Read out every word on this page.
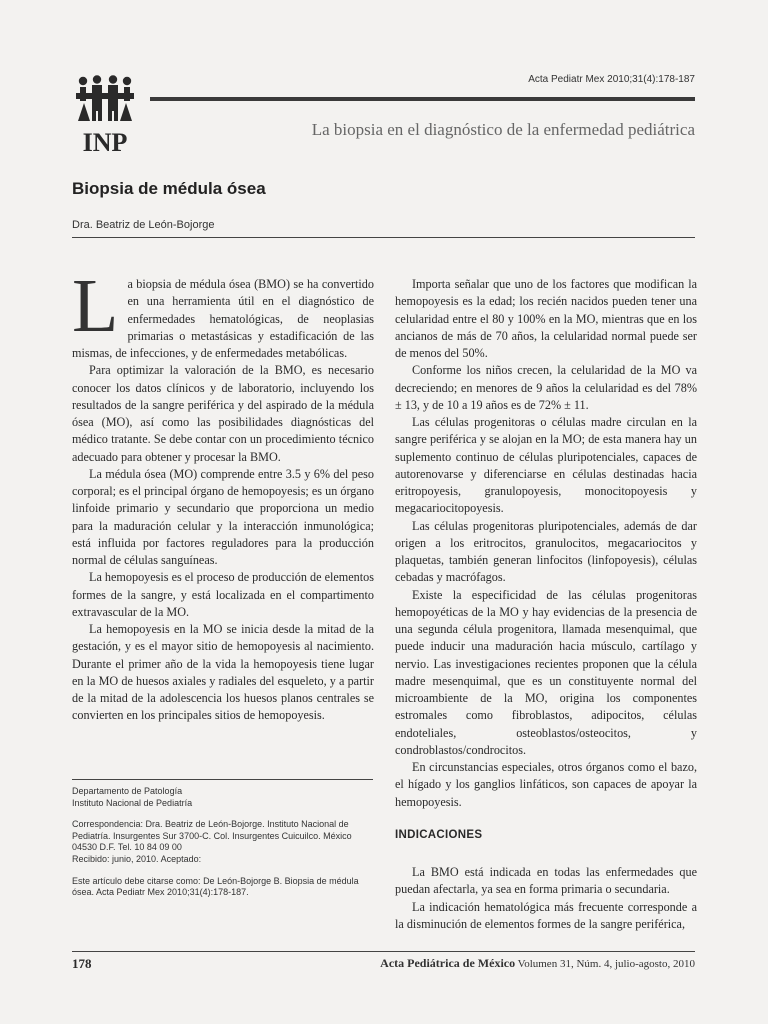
INP
Acta Pediatr Mex 2010;31(4):178-187
La biopsia en el diagnóstico de la enfermedad pediátrica
Biopsia de médula ósea
Dra. Beatriz de León-Bojorge

La biopsia de médula ósea (BMO) se ha convertido en una herramienta útil en el diagnóstico de enfermedades hematológicas, de neoplasias primarias o metastásicas y estadificación de las mismas, de infecciones, y de enfermedades metabólicas.

Para optimizar la valoración de la BMO, es necesario conocer los datos clínicos y de laboratorio, incluyendo los resultados de la sangre periférica y del aspirado de la médula ósea (MO), así como las posibilidades diagnósticas del médico tratante. Se debe contar con un procedimiento técnico adecuado para obtener y procesar la BMO.

La médula ósea (MO) comprende entre 3.5 y 6% del peso corporal; es el principal órgano de hemopoyesis; es un órgano linfoide primario y secundario que proporciona un medio para la maduración celular y la interacción inmunológica; está influida por factores reguladores para la producción normal de células sanguíneas.

La hemopoyesis es el proceso de producción de elementos formes de la sangre, y está localizada en el compartimento extravascular de la MO.

La hemopoyesis en la MO se inicia desde la mitad de la gestación, y es el mayor sitio de hemopoyesis al nacimiento. Durante el primer año de la vida la hemopoyesis tiene lugar en la MO de huesos axiales y radiales del esqueleto, y a partir de la mitad de la adolescencia los huesos planos centrales se convierten en los principales sitios de hemopoyesis.

Departamento de Patología
Instituto Nacional de Pediatría

Correspondencia: Dra. Beatriz de León-Bojorge. Instituto Nacional de Pediatría. Insurgentes Sur 3700-C. Col. Insurgentes Cuicuilco. México 04530 D.F. Tel. 10 84 09 00
Recibido: junio, 2010. Aceptado:

Este artículo debe citarse como: De León-Bojorge B. Biopsia de médula ósea. Acta Pediatr Mex 2010;31(4):178-187.

Importa señalar que uno de los factores que modifican la hemopoyesis es la edad; los recién nacidos pueden tener una celularidad entre el 80 y 100% en la MO, mientras que en los ancianos de más de 70 años, la celularidad normal puede ser de menos del 50%.

Conforme los niños crecen, la celularidad de la MO va decreciendo; en menores de 9 años la celularidad es del 78% ± 13, y de 10 a 19 años es de 72% ± 11.

Las células progenitoras o células madre circulan en la sangre periférica y se alojan en la MO; de esta manera hay un suplemento continuo de células pluripotenciales, capaces de autorenovarse y diferenciarse en células destinadas hacia eritropoyesis, granulopoyesis, monocitopoyesis y megacariocitopoyesis.

Las células progenitoras pluripotenciales, además de dar origen a los eritrocitos, granulocitos, megacariocitos y plaquetas, también generan linfocitos (linfopoyesis), células cebadas y macrófagos.

Existe la especificidad de las células progenitoras hemopoyéticas de la MO y hay evidencias de la presencia de una segunda célula progenitora, llamada mesenquimal, que puede inducir una maduración hacia músculo, cartílago y nervio. Las investigaciones recientes proponen que la célula madre mesenquimal, que es un constituyente normal del microambiente de la MO, origina los componentes estromales como fibroblastos, adipocitos, células endoteliales, osteoblastos/osteocitos, y condroblastos/condrocitos.

En circunstancias especiales, otros órganos como el bazo, el hígado y los ganglios linfáticos, son capaces de apoyar la hemopoyesis.

INDICACIONES

La BMO está indicada en todas las enfermedades que puedan afectarla, ya sea en forma primaria o secundaria.

La indicación hematológica más frecuente corresponde a la disminución de elementos formes de la sangre periférica,

178	Acta Pediátrica de México Volumen 31, Núm. 4, julio-agosto, 2010
